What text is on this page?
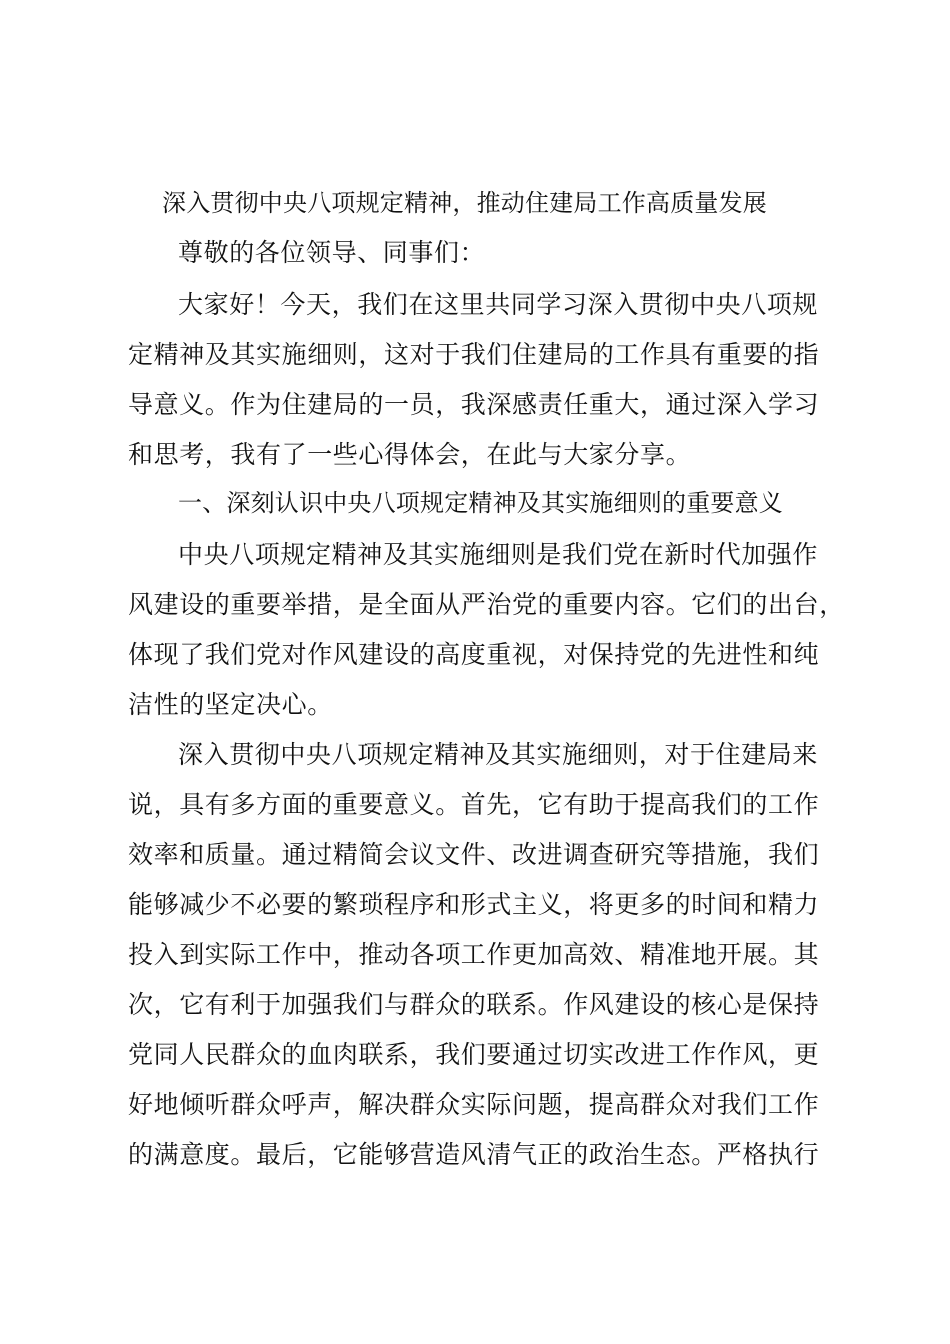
深入贯彻中央八项规定精神，推动住建局工作高质量发展
尊敬的各位领导、同事们：
大家好！今天，我们在这里共同学习深入贯彻中央八项规
定精神及其实施细则，这对于我们住建局的工作具有重要的指
导意义。作为住建局的一员，我深感责任重大，通过深入学习
和思考，我有了一些心得体会，在此与大家分享。
一、深刻认识中央八项规定精神及其实施细则的重要意义
中央八项规定精神及其实施细则是我们党在新时代加强作
风建设的重要举措，是全面从严治党的重要内容。它们的出台，
体现了我们党对作风建设的高度重视，对保持党的先进性和纯
洁性的坚定决心。
深入贯彻中央八项规定精神及其实施细则，对于住建局来
说，具有多方面的重要意义。首先，它有助于提高我们的工作
效率和质量。通过精简会议文件、改进调查研究等措施，我们
能够减少不必要的繁琐程序和形式主义，将更多的时间和精力
投入到实际工作中，推动各项工作更加高效、精准地开展。其
次，它有利于加强我们与群众的联系。作风建设的核心是保持
党同人民群众的血肉联系，我们要通过切实改进工作作风，更
好地倾听群众呼声，解决群众实际问题，提高群众对我们工作
的满意度。最后，它能够营造风清气正的政治生态。严格执行
